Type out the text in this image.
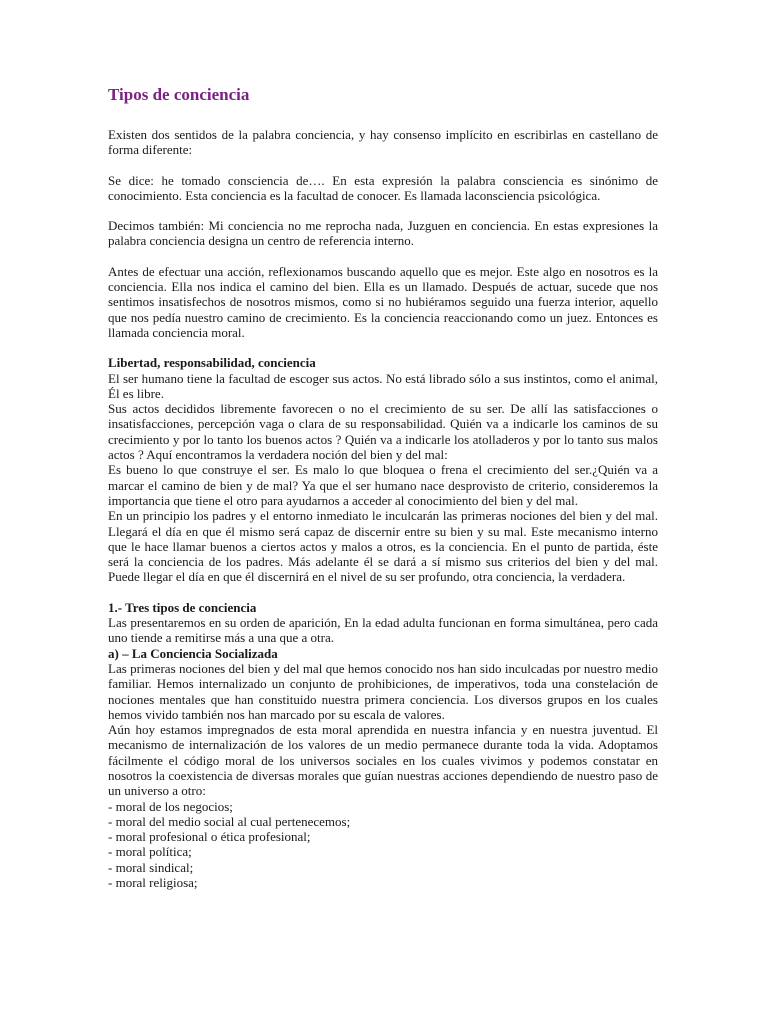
Tipos de conciencia

Existen dos sentidos de la palabra conciencia, y hay consenso implícito en escribirlas en castellano de forma diferente:

Se dice: he tomado consciencia de…. En esta expresión la palabra consciencia es sinónimo de conocimiento. Esta conciencia es la facultad de conocer. Es llamada laconsciencia psicológica.

Decimos también: Mi conciencia no me reprocha nada, Juzguen en conciencia. En estas expresiones la palabra conciencia designa un centro de referencia interno.

Antes de efectuar una acción, reflexionamos buscando aquello que es mejor. Este algo en nosotros es la conciencia. Ella nos indica el camino del bien. Ella es un llamado. Después de actuar, sucede que nos sentimos insatisfechos de nosotros mismos, como si no hubiéramos seguido una fuerza interior, aquello que nos pedía nuestro camino de crecimiento. Es la conciencia reaccionando como un juez. Entonces es llamada conciencia moral.

Libertad, responsabilidad, conciencia

El ser humano tiene la facultad de escoger sus actos. No está librado sólo a sus instintos, como el animal, Él es libre.

Sus actos decididos libremente favorecen o no el crecimiento de su ser. De allí las satisfacciones o insatisfacciones, percepción vaga o clara de su responsabilidad. Quién va a indicarle los caminos de su crecimiento y por lo tanto los buenos actos ? Quién va a indicarle los atolladeros y por lo tanto sus malos actos ? Aquí encontramos la verdadera noción del bien y del mal:

Es bueno lo que construye el ser. Es malo lo que bloquea o frena el crecimiento del ser.¿Quién va a marcar el camino de bien y de mal? Ya que el ser humano nace desprovisto de criterio, consideremos la importancia que tiene el otro para ayudarnos a acceder al conocimiento del bien y del mal.

En un principio los padres y el entorno inmediato le inculcarán las primeras nociones del bien y del mal. Llegará el día en que él mismo será capaz de discernir entre su bien y su mal. Este mecanismo interno que le hace llamar buenos a ciertos actos y malos a otros, es la conciencia. En el punto de partida, éste será la conciencia de los padres. Más adelante él se dará a sí mismo sus criterios del bien y del mal. Puede llegar el día en que él discernirá en el nivel de su ser profundo, otra conciencia, la verdadera.

1.- Tres tipos de conciencia

Las presentaremos en su orden de aparición, En la edad adulta funcionan en forma simultánea, pero cada uno tiende a remitirse más a una que a otra.

a) – La Conciencia Socializada

Las primeras nociones del bien y del mal que hemos conocido nos han sido inculcadas por nuestro medio familiar. Hemos internalizado un conjunto de prohibiciones, de imperativos, toda una constelación de nociones mentales que han constituido nuestra primera conciencia. Los diversos grupos en los cuales hemos vivido también nos han marcado por su escala de valores.

Aún hoy estamos impregnados de esta moral aprendida en nuestra infancia y en nuestra juventud. El mecanismo de internalización de los valores de un medio permanece durante toda la vida. Adoptamos fácilmente el código moral de los universos sociales en los cuales vivimos y podemos constatar en nosotros la coexistencia de diversas morales que guían nuestras acciones dependiendo de nuestro paso de un universo a otro:

- moral de los negocios;
- moral del medio social al cual pertenecemos;
- moral profesional o ética profesional;
- moral política;
- moral sindical;
- moral religiosa;
